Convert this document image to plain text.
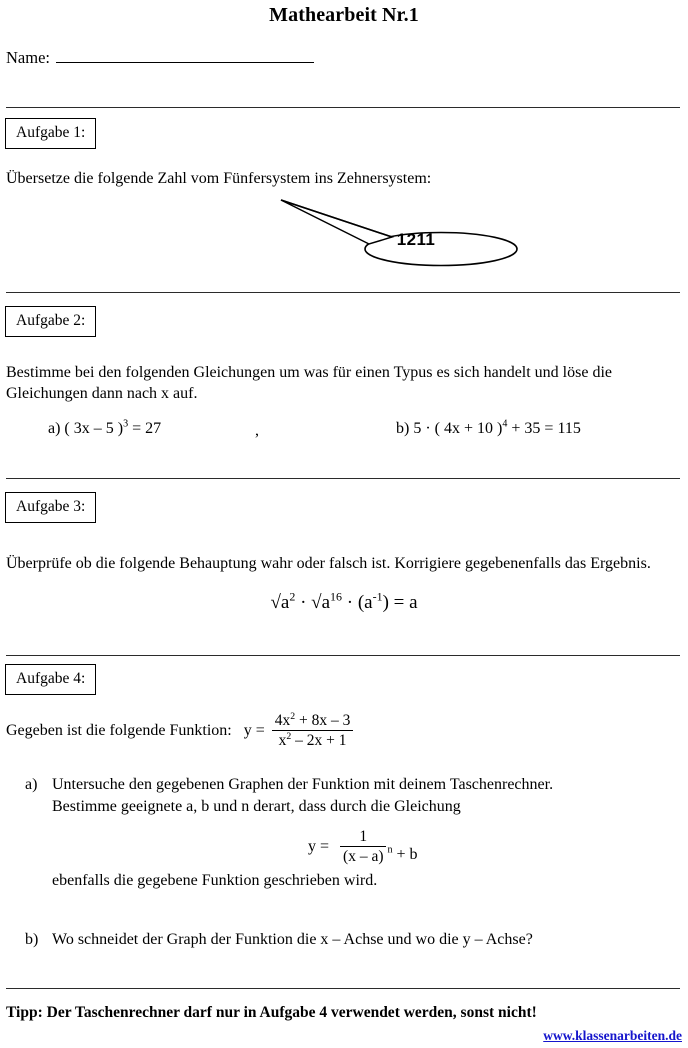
Mathearbeit Nr.1
Name:
Aufgabe 1:
Übersetze die folgende Zahl vom Fünfersystem ins Zehnersystem:
1211
Aufgabe 2:
Bestimme bei den folgenden Gleichungen um was für einen Typus es sich handelt und löse die
Gleichungen dann nach x auf.
a) ( 3x – 5 )$^3$ = 27	,	b) 5 · ( 4x + 10 )$^4$ + 35 = 115
Aufgabe 3:
Überprüfe ob die folgende Behauptung wahr oder falsch ist. Korrigiere gegebenenfalls das Ergebnis.
$√a^2 \cdot √a^{16} \cdot (a^{-1}) = a$
Aufgabe 4:
Gegeben ist die folgende Funktion: $y = \frac{4x^2 + 8x - 3}{x^2 - 2x + 1}$
a) Untersuche den gegebenen Graphen der Funktion mit deinem Taschenrechner.
Bestimme geeignete a, b und n derart, dass durch die Gleichung
$y = \frac{1}{(x - a)} ^n + b$
ebenfalls die gegebene Funktion geschrieben wird.
b) Wo schneidet der Graph der Funktion die x – Achse und wo die y – Achse?
Tipp: Der Taschenrechner darf nur in Aufgabe 4 verwendet werden, sonst nicht!
www.klassenarbeiten.de
